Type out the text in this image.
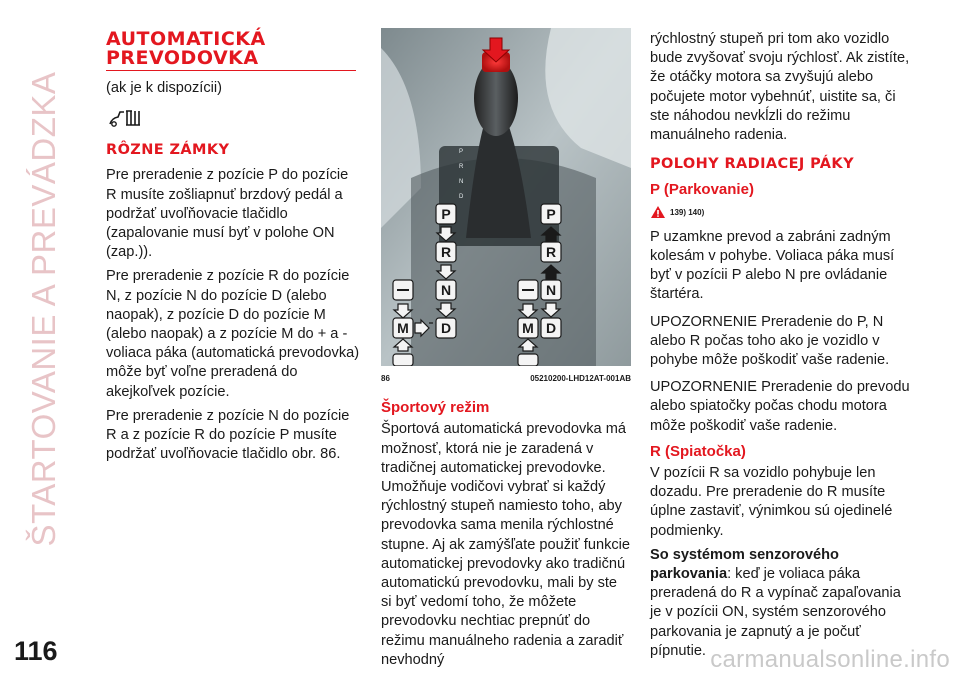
ŠTARTOVANIE A PREVÁDZKA
AUTOMATICKÁ
PREVODOVKA
(ak je k dispozícii)
RÔZNE ZÁMKY
Pre preradenie z pozície P do pozície R musíte zošliapnuť brzdový pedál a podržať uvoľňovacie tlačidlo (zapalovanie musí byť v polohe ON (zap.)).
Pre preradenie z pozície R do pozície N, z pozície N do pozície D (alebo naopak), z pozície D do pozície M (alebo naopak) a z pozície M do + a - voliaca páka (automatická prevodovka) môže byť voľne preradená do akejkoľvek pozície.
Pre preradenie z pozície N do pozície R a z pozície R do pozície P musíte podržať uvoľňovacie tlačidlo obr. 86.
P
R
N
D
P
R
N
D
M
P
R
N
D
M
86	05210200-LHD12AT-001AB
Športový režim
Športová automatická prevodovka má možnosť, ktorá nie je zaradená v tradičnej automatickej prevodovke. Umožňuje vodičovi vybrať si každý rýchlostný stupeň namiesto toho, aby prevodovka sama menila rýchlostné stupne. Aj ak zamýšľate použiť funkcie automatickej prevodovky ako tradičnú automatickú prevodovku, mali by ste si byť vedomí toho, že môžete prevodovku nechtiac prepnúť do režimu manuálneho radenia a zaradiť nevhodný
rýchlostný stupeň pri tom ako vozidlo bude zvyšovať svoju rýchlosť. Ak zistíte, že otáčky motora sa zvyšujú alebo počujete motor vybehnúť, uistite sa, či ste náhodou nevkĺzli do režimu manuálneho radenia.
POLOHY RADIACEJ PÁKY
P (Parkovanie)
139) 140)
P uzamkne prevod a zabráni zadným kolesám v pohybe. Voliaca páka musí byť v pozícii P alebo N pre ovládanie štartéra.
UPOZORNENIE Preradenie do P, N alebo R počas toho ako je vozidlo v pohybe môže poškodiť vaše radenie.
UPOZORNENIE Preradenie do prevodu alebo spiatočky počas chodu motora môže poškodiť vaše radenie.
R (Spiatočka)
V pozícii R sa vozidlo pohybuje len dozadu. Pre preradenie do R musíte úplne zastaviť, výnimkou sú ojedinelé podmienky.
So systémom senzorového parkovania: keď je voliaca páka preradená do R a vypínač zapaľovania je v pozícii ON, systém senzorového parkovania je zapnutý a je počuť pípnutie.
116	carmanualsonline.info
